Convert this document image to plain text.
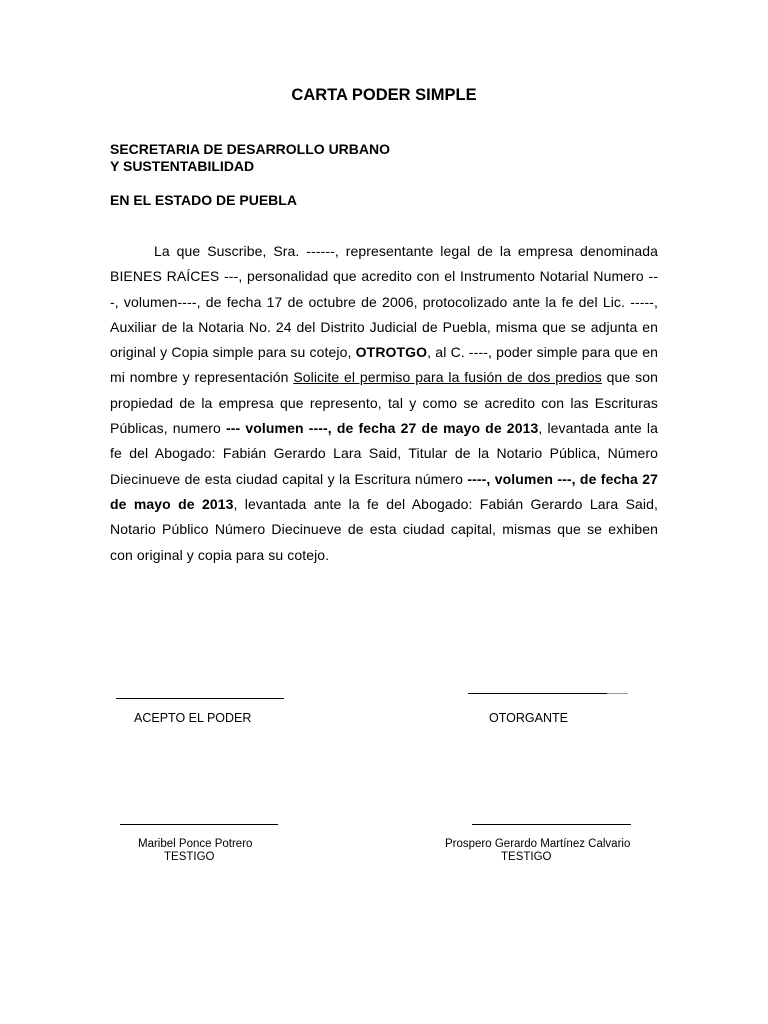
CARTA PODER SIMPLE
SECRETARIA DE DESARROLLO URBANO
Y SUSTENTABILIDAD
EN EL ESTADO DE PUEBLA
La que Suscribe, Sra. ------, representante legal de la empresa denominada BIENES RAÍCES ---, personalidad que acredito con el Instrumento Notarial Numero ---, volumen----, de fecha 17 de octubre de 2006, protocolizado ante la fe del Lic. -----, Auxiliar de la Notaria No. 24 del Distrito Judicial de Puebla, misma que se adjunta en original y Copia simple para su cotejo, OTROTGO, al C. ----, poder simple para que en mi nombre y representación Solicite el permiso para la fusión de dos predios que son propiedad de la empresa que represento, tal y como se acredito con las Escrituras Públicas, numero --- volumen ----, de fecha 27 de mayo de 2013, levantada ante la fe del Abogado: Fabián Gerardo Lara Said, Titular de la Notario Pública, Número Diecinueve de esta ciudad capital y la Escritura número ----, volumen ---, de fecha 27 de mayo de 2013, levantada ante la fe del Abogado: Fabián Gerardo Lara Said, Notario Público Número Diecinueve de esta ciudad capital, mismas que se exhiben con original y copia para su cotejo.
ACEPTO EL PODER	OTORGANTE
Maribel Ponce Potrero
TESTIGO
Prospero Gerardo Martínez Calvario
TESTIGO
